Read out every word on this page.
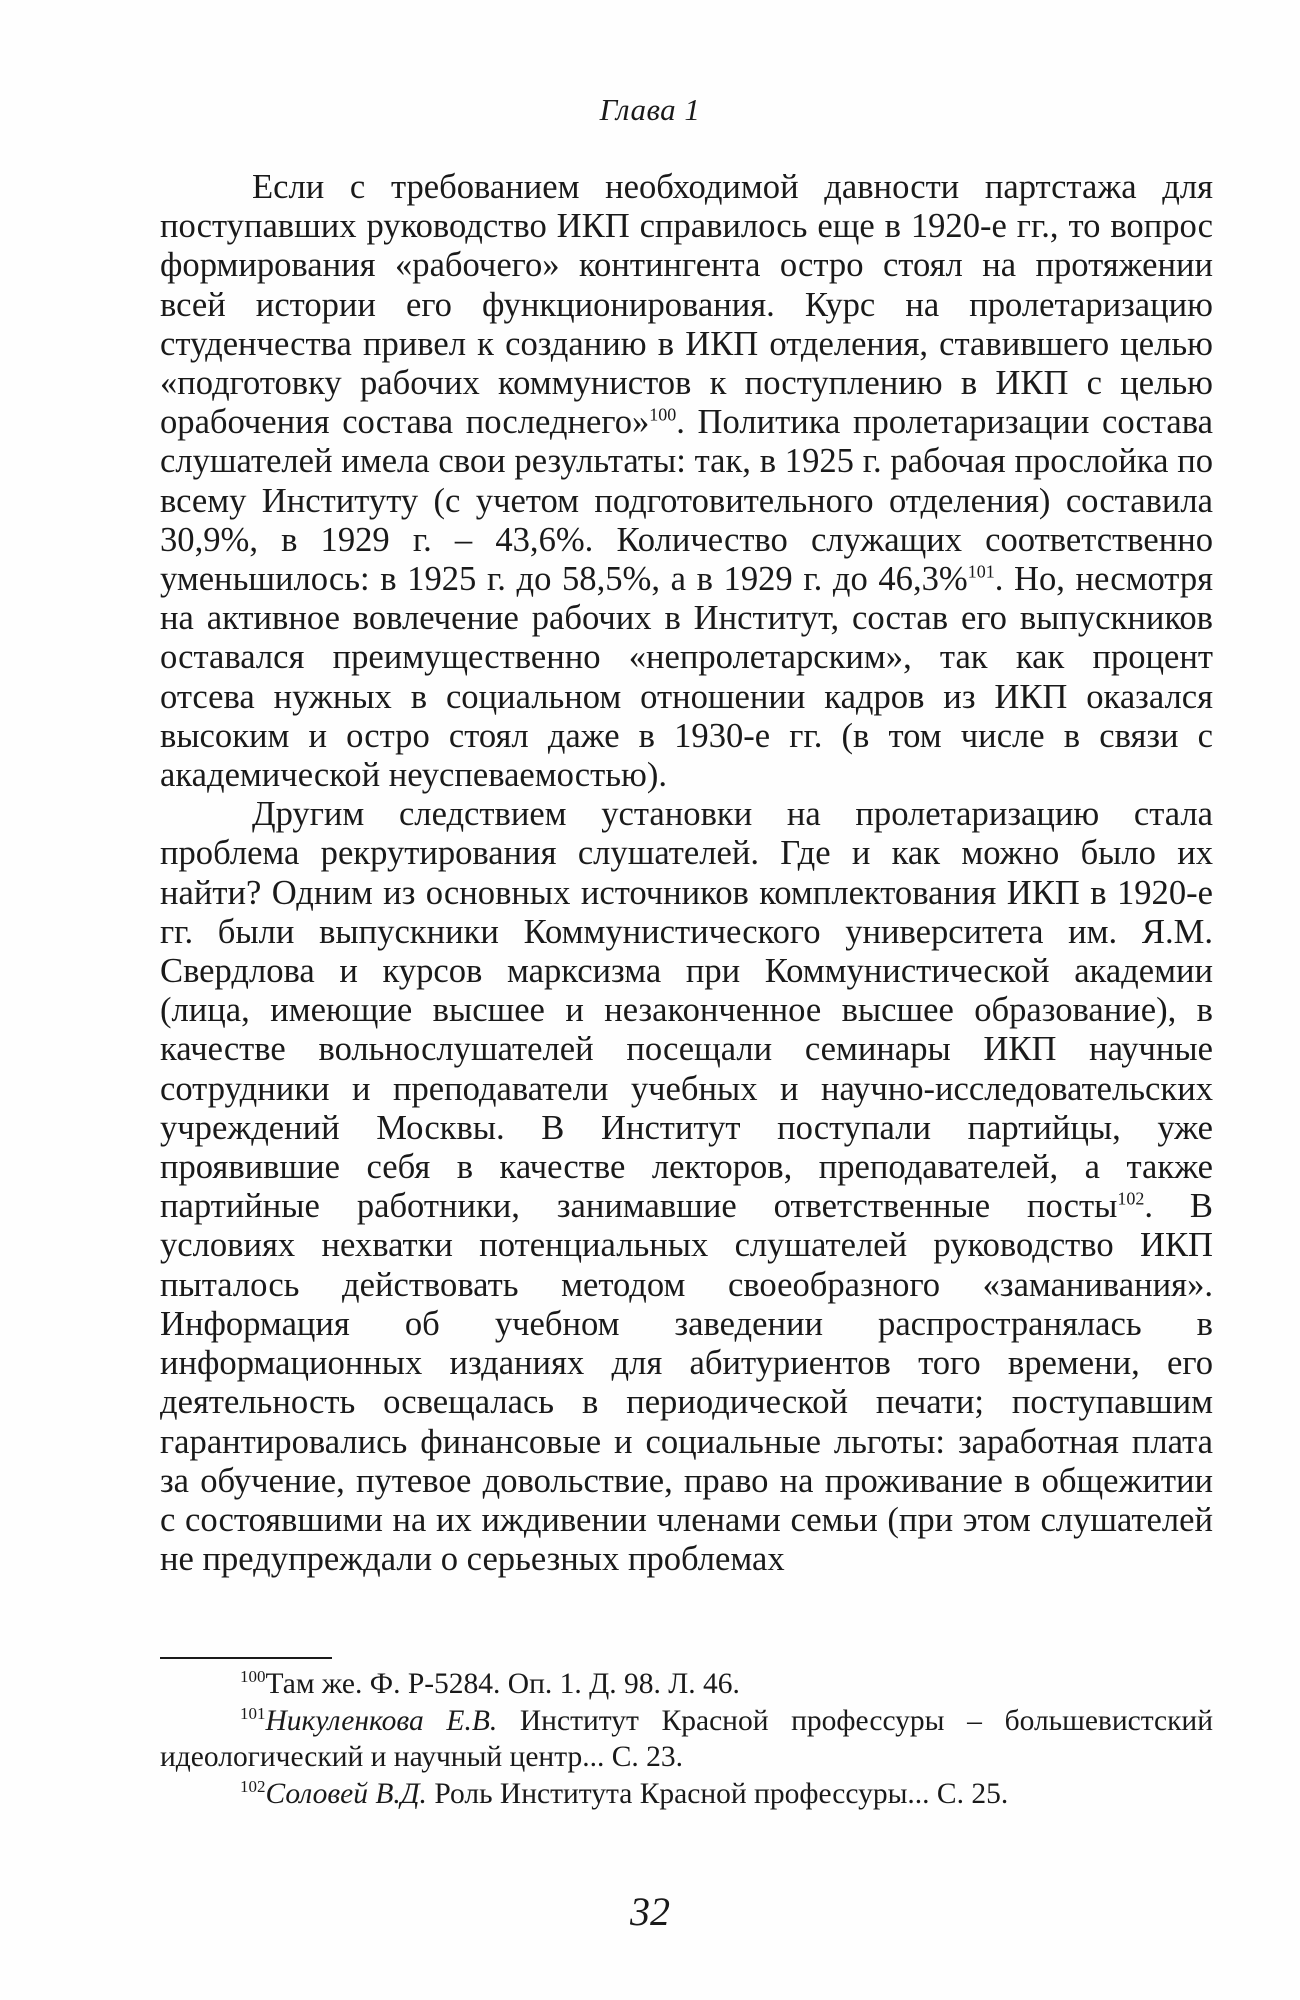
Глава 1

Если с требованием необходимой давности партстажа для поступавших руководство ИКП справилось еще в 1920-е гг., то вопрос формирования «рабочего» контингента остро стоял на протяжении всей истории его функционирования. Курс на пролетаризацию студенчества привел к созданию в ИКП отделения, ставившего целью «подготовку рабочих коммунистов к поступлению в ИКП с целью орабочения состава последнего»$^{100}$. Политика пролетаризации состава слушателей имела свои результаты: так, в 1925 г. рабочая прослойка по всему Институту (с учетом подготовительного отделения) составила 30,9%, в 1929 г. – 43,6%. Количество служащих соответственно уменьшилось: в 1925 г. до 58,5%, а в 1929 г. до 46,3%$^{101}$. Но, несмотря на активное вовлечение рабочих в Институт, состав его выпускников оставался преимущественно «непролетарским», так как процент отсева нужных в социальном отношении кадров из ИКП оказался высоким и остро стоял даже в 1930-е гг. (в том числе в связи с академической неуспеваемостью).

Другим следствием установки на пролетаризацию стала проблема рекрутирования слушателей. Где и как можно было их найти? Одним из основных источников комплектования ИКП в 1920-е гг. были выпускники Коммунистического университета им. Я.М. Свердлова и курсов марксизма при Коммунистической академии (лица, имеющие высшее и незаконченное высшее образование), в качестве вольнослушателей посещали семинары ИКП научные сотрудники и преподаватели учебных и научно-исследовательских учреждений Москвы. В Институт поступали партийцы, уже проявившие себя в качестве лекторов, преподавателей, а также партийные работники, занимавшие ответственные посты$^{102}$. В условиях нехватки потенциальных слушателей руководство ИКП пыталось действовать методом своеобразного «заманивания». Информация об учебном заведении распространялась в информационных изданиях для абитуриентов того времени, его деятельность освещалась в периодической печати; поступавшим гарантировались финансовые и социальные льготы: заработная плата за обучение, путевое довольствие, право на проживание в общежитии с состоявшими на их иждивении членами семьи (при этом слушателей не предупреждали о серьезных проблемах

$^{100}$Там же. Ф. Р-5284. Оп. 1. Д. 98. Л. 46.

$^{101}$Никуленкова Е.В. Институт Красной профессуры – большевистский идеологический и научный центр... С. 23.

$^{102}$Соловей В.Д. Роль Института Красной профессуры... С. 25.

32
